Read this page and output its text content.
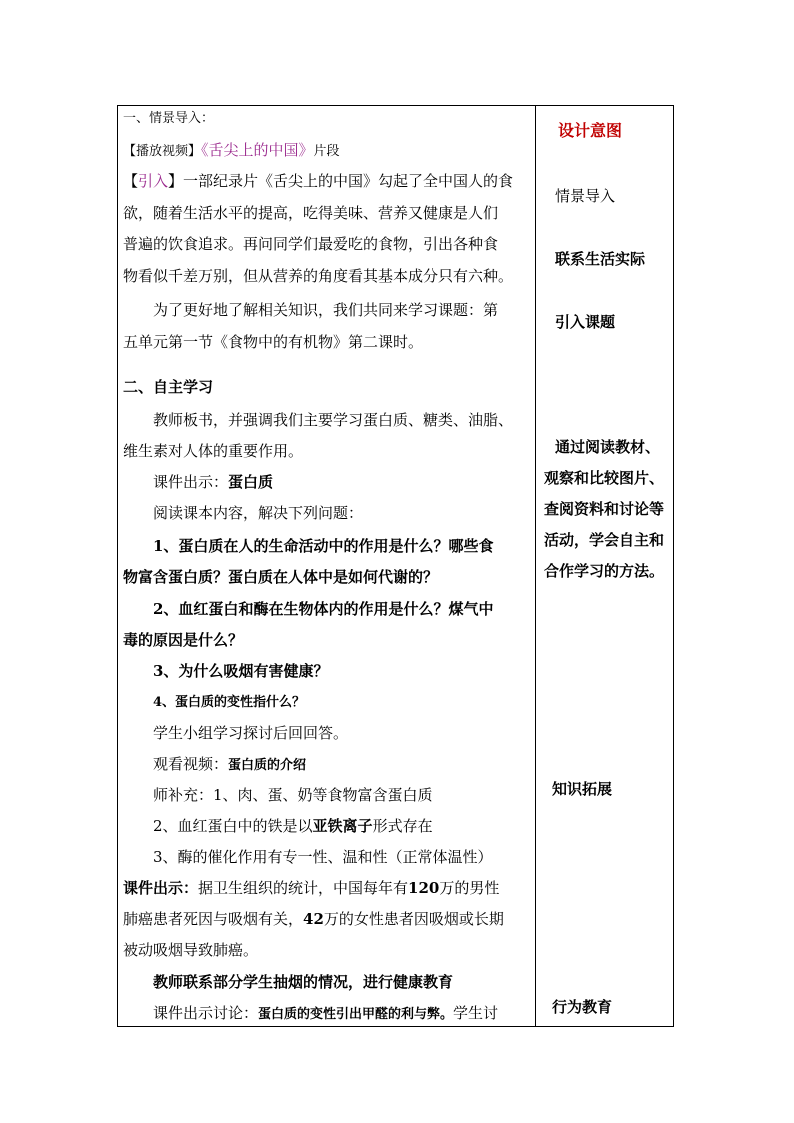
一、情景导入：
【播放视频】《舌尖上的中国》片段
【引入】一部纪录片《舌尖上的中国》勾起了全中国人的食
欲，随着生活水平的提高，吃得美味、营养又健康是人们
普遍的饮食追求。再问同学们最爱吃的食物，引出各种食
物看似千差万别，但从营养的角度看其基本成分只有六种。
为了更好地了解相关知识，我们共同来学习课题：第
五单元第一节《食物中的有机物》第二课时。
二、自主学习
教师板书，并强调我们主要学习蛋白质、糖类、油脂、
维生素对人体的重要作用。
课件出示：蛋白质
阅读课本内容，解决下列问题：
1、蛋白质在人的生命活动中的作用是什么？哪些食
物富含蛋白质？蛋白质在人体中是如何代谢的？
2、血红蛋白和酶在生物体内的作用是什么？煤气中
毒的原因是什么？
3、为什么吸烟有害健康？
4、蛋白质的变性指什么？
学生小组学习探讨后回回答。
观看视频：蛋白质的介绍
师补充：1、肉、蛋、奶等食物富含蛋白质
2、血红蛋白中的铁是以亚铁离子形式存在
3、酶的催化作用有专一性、温和性（正常体温性）
课件出示：据卫生组织的统计，中国每年有120万的男性
肺癌患者死因与吸烟有关，42万的女性患者因吸烟或长期
被动吸烟导致肺癌。
教师联系部分学生抽烟的情况，进行健康教育
课件出示讨论：蛋白质的变性引出甲醛的利与弊。学生讨
设计意图
情景导入
联系生活实际
引入课题
通过阅读教材、
观察和比较图片、
查阅资料和讨论等
活动，学会自主和
合作学习的方法。
知识拓展
行为教育
